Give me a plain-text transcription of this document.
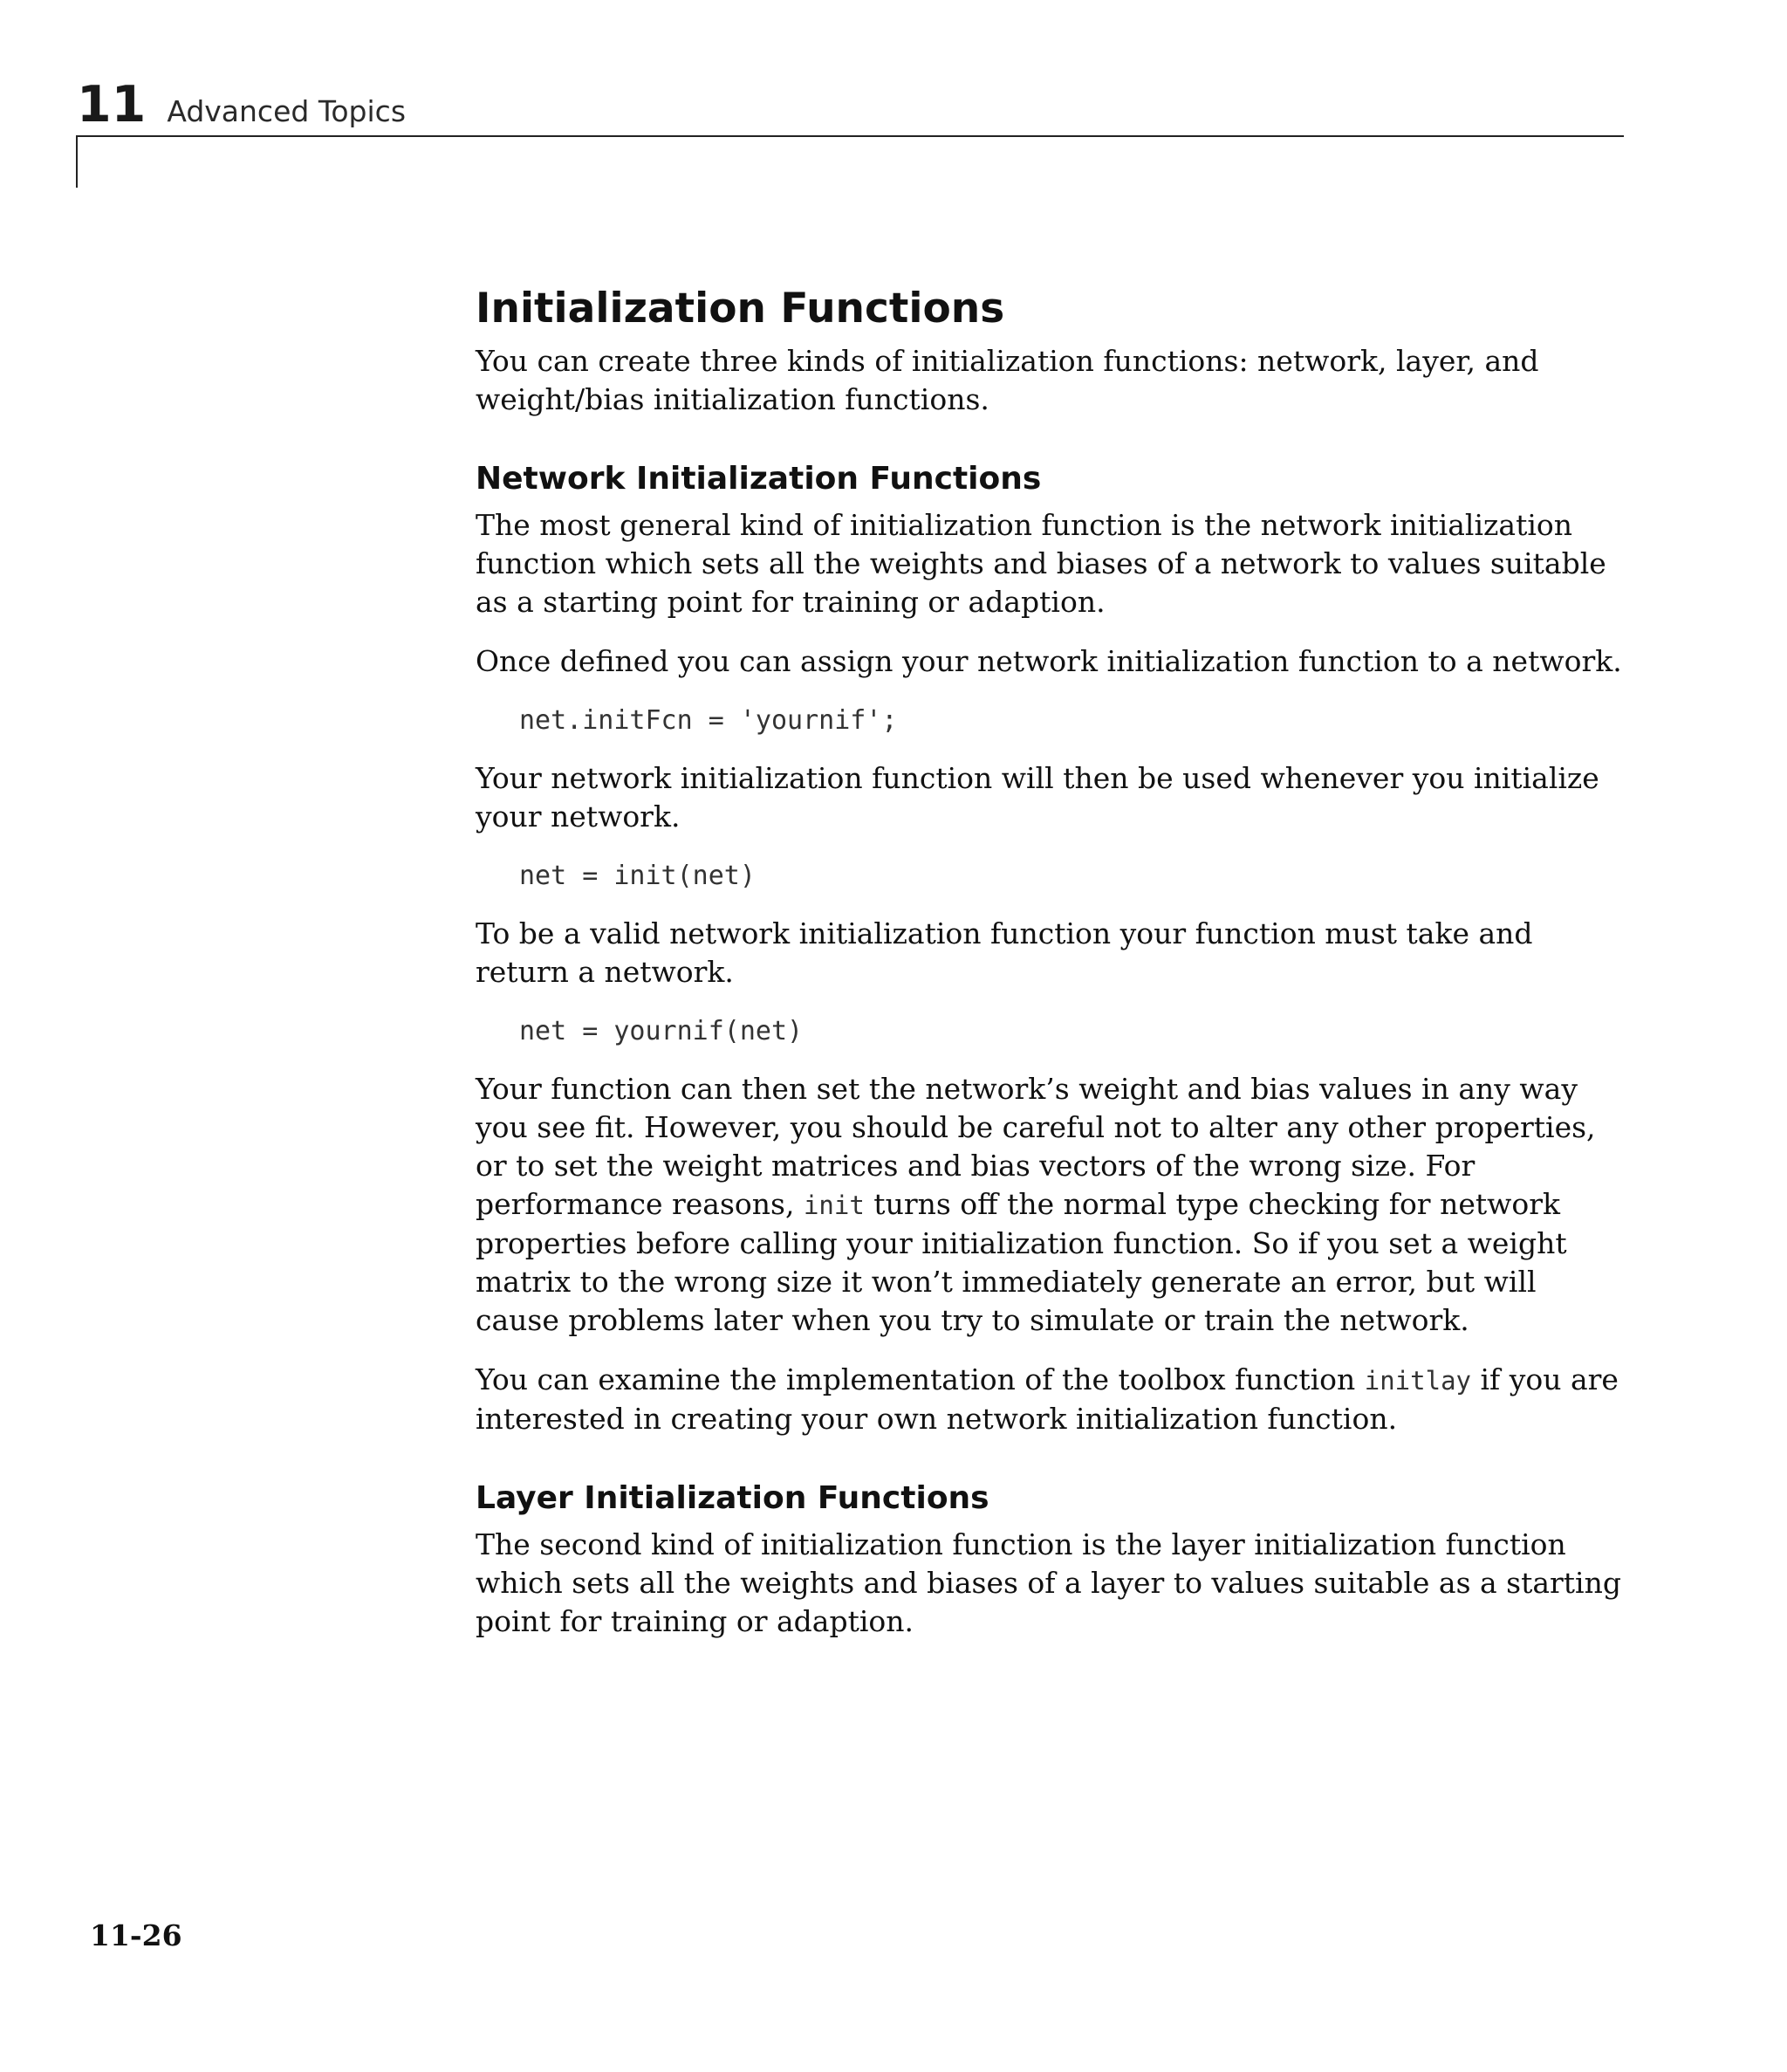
11 Advanced Topics
Initialization Functions

You can create three kinds of initialization functions: network, layer, and weight/bias initialization functions.

Network Initialization Functions

The most general kind of initialization function is the network initialization function which sets all the weights and biases of a network to values suitable as a starting point for training or adaption.

Once defined you can assign your network initialization function to a network.

net.initFcn = 'yournif';

Your network initialization function will then be used whenever you initialize your network.

net = init(net)

To be a valid network initialization function your function must take and return a network.

net = yournif(net)

Your function can then set the network’s weight and bias values in any way you see fit. However, you should be careful not to alter any other properties, or to set the weight matrices and bias vectors of the wrong size. For performance reasons, init turns off the normal type checking for network properties before calling your initialization function. So if you set a weight matrix to the wrong size it won’t immediately generate an error, but will cause problems later when you try to simulate or train the network.

You can examine the implementation of the toolbox function initlay if you are interested in creating your own network initialization function.

Layer Initialization Functions

The second kind of initialization function is the layer initialization function which sets all the weights and biases of a layer to values suitable as a starting point for training or adaption.

11-26
